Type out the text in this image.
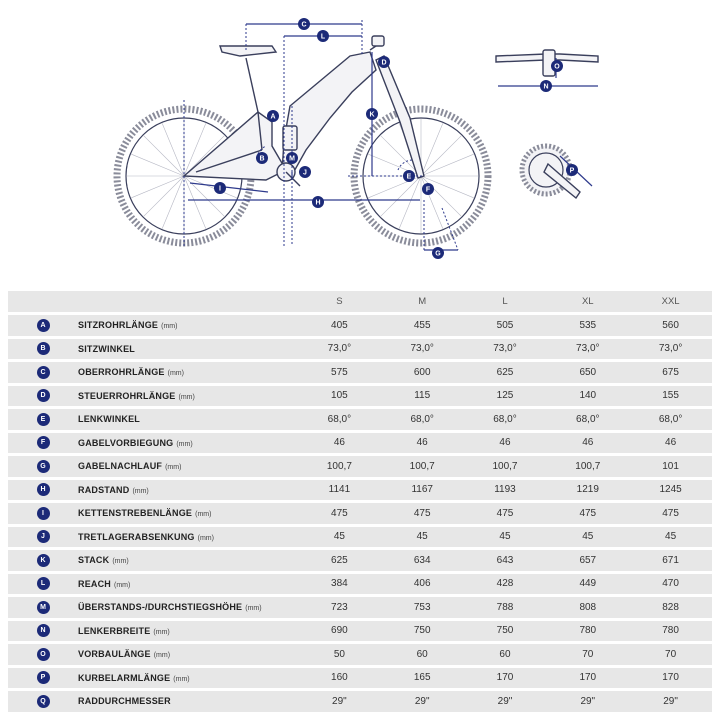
A
B
C
D
E
F
G
H
I
J
K
L
M
N
O
P
		S	M	L	XL	XXL
A	SITZROHRLÄNGE (mm)	405	455	505	535	560
B	SITZWINKEL	73,0°	73,0°	73,0°	73,0°	73,0°
C	OBERROHRLÄNGE (mm)	575	600	625	650	675
D	STEUERROHRLÄNGE (mm)	105	115	125	140	155
E	LENKWINKEL	68,0°	68,0°	68,0°	68,0°	68,0°
F	GABELVORBIEGUNG (mm)	46	46	46	46	46
G	GABELNACHLAUF (mm)	100,7	100,7	100,7	100,7	101
H	RADSTAND (mm)	1141	1167	1193	1219	1245
I	KETTENSTREBENLÄNGE (mm)	475	475	475	475	475
J	TRETLAGERABSENKUNG (mm)	45	45	45	45	45
K	STACK (mm)	625	634	643	657	671
L	REACH (mm)	384	406	428	449	470
M	ÜBERSTANDS-/DURCHSTIEGSHÖHE (mm)	723	753	788	808	828
N	LENKERBREITE (mm)	690	750	750	780	780
O	VORBAULÄNGE (mm)	50	60	60	70	70
P	KURBELARMLÄNGE (mm)	160	165	170	170	170
Q	RADDURCHMESSER	29"	29"	29"	29"	29"
